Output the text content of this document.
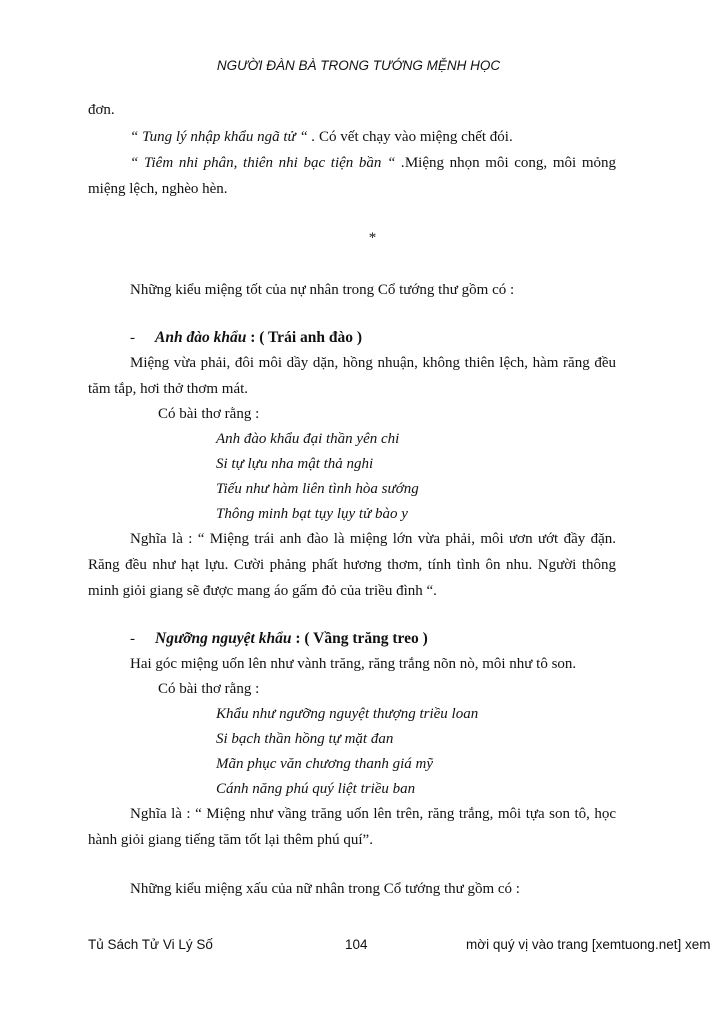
NGƯỜI ĐÀN BÀ TRONG TƯỚNG MỆNH HỌC
đơn.
“ Tung lý nhập khẩu ngã tử “ . Có vết chạy vào miệng chết đói.
“ Tiêm nhi phân, thiên nhi bạc tiện bần “ .Miệng nhọn môi cong, môi mỏng
miệng lệch, nghèo hèn.
*
Những kiểu miệng tốt của nự nhân trong Cổ tướng thư gồm có :
- Anh đào khẩu : ( Trái anh đào )
Miệng vừa phải, đôi môi dầy dặn, hồng nhuận, không thiên lệch, hàm răng đều
tăm tắp, hơi thở thơm mát.
Có bài thơ rằng :
Anh đào khẩu đại thần yên chi
Si tự lựu nha mật thả nghi
Tiếu như hàm liên tình hòa sướng
Thông minh bạt tụy lụy tử bào y
Nghĩa là : “ Miệng trái anh đào là miệng lớn vừa phải, môi ươn ướt đầy đặn.
Răng đều như hạt lựu. Cười phảng phất hương thơm, tính tình ôn nhu. Người thông
minh giỏi giang sẽ được mang áo gấm đỏ của triều đình “.
- Ngưỡng nguyệt khẩu : ( Vầng trăng treo )
Hai góc miệng uốn lên như vành trăng, răng trắng nõn nò, môi như tô son.
Có bài thơ rằng :
Khẩu như ngưỡng nguyệt thượng triều loan
Si bạch thần hồng tự mặt đan
Mãn phục văn chương thanh giá mỹ
Cánh năng phú quý liệt triều ban
Nghĩa là : “ Miệng như vầng trăng uốn lên trên, răng trắng, môi tựa son tô, học
hành giỏi giang tiếng tăm tốt lại thêm phú quí”.
Những kiểu miệng xấu của nữ nhân trong Cổ tướng thư gồm có :
Tủ Sách Tử Vi Lý Số	104	mời quý vị vào trang [xemtuong.net] xem
